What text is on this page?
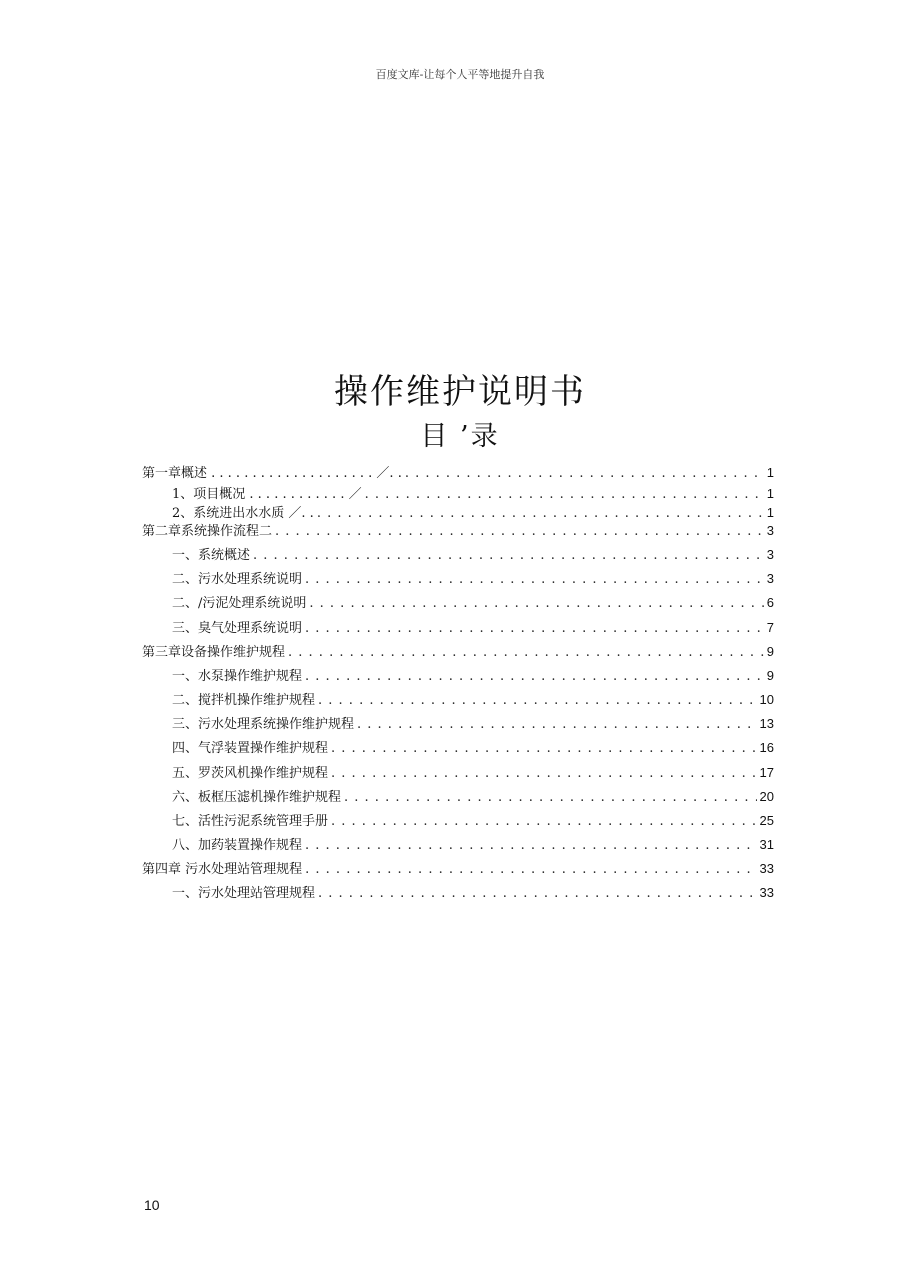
百度文库-让每个人平等地提升自我
操作维护说明书
目 ’录
第一章概述 . . . . . . . . . . . . . . . . . . . . ／. . . . .	1
1、项目概况 . . . . . . . . . . . . ／ . . .	1
2、系统进出水水质 ／. . . . .	1
第二章系统操作流程二 . . .	3
一、系统概述 . . .	3
二、污水处理系统说明 . . .	3
二、/污泥处理系统说明 . . .	6
三、臭气处理系统说明 . . .	7
第三章设备操作维护规程 . . .	9
一、水泵操作维护规程 . . .	9
二、搅拌机操作维护规程 . . .	10
三、污水处理系统操作维护规程 . . .	13
四、气浮装置操作维护规程 . . .	16
五、罗茨风机操作维护规程 . . .	17
六、板框压滤机操作维护规程 . . .	20
七、活性污泥系统管理手册 . . .	25
八、加药装置操作规程 . . .	31
第四章 污水处理站管理规程 . . .	33
一、污水处理站管理规程 . . .	33
10
